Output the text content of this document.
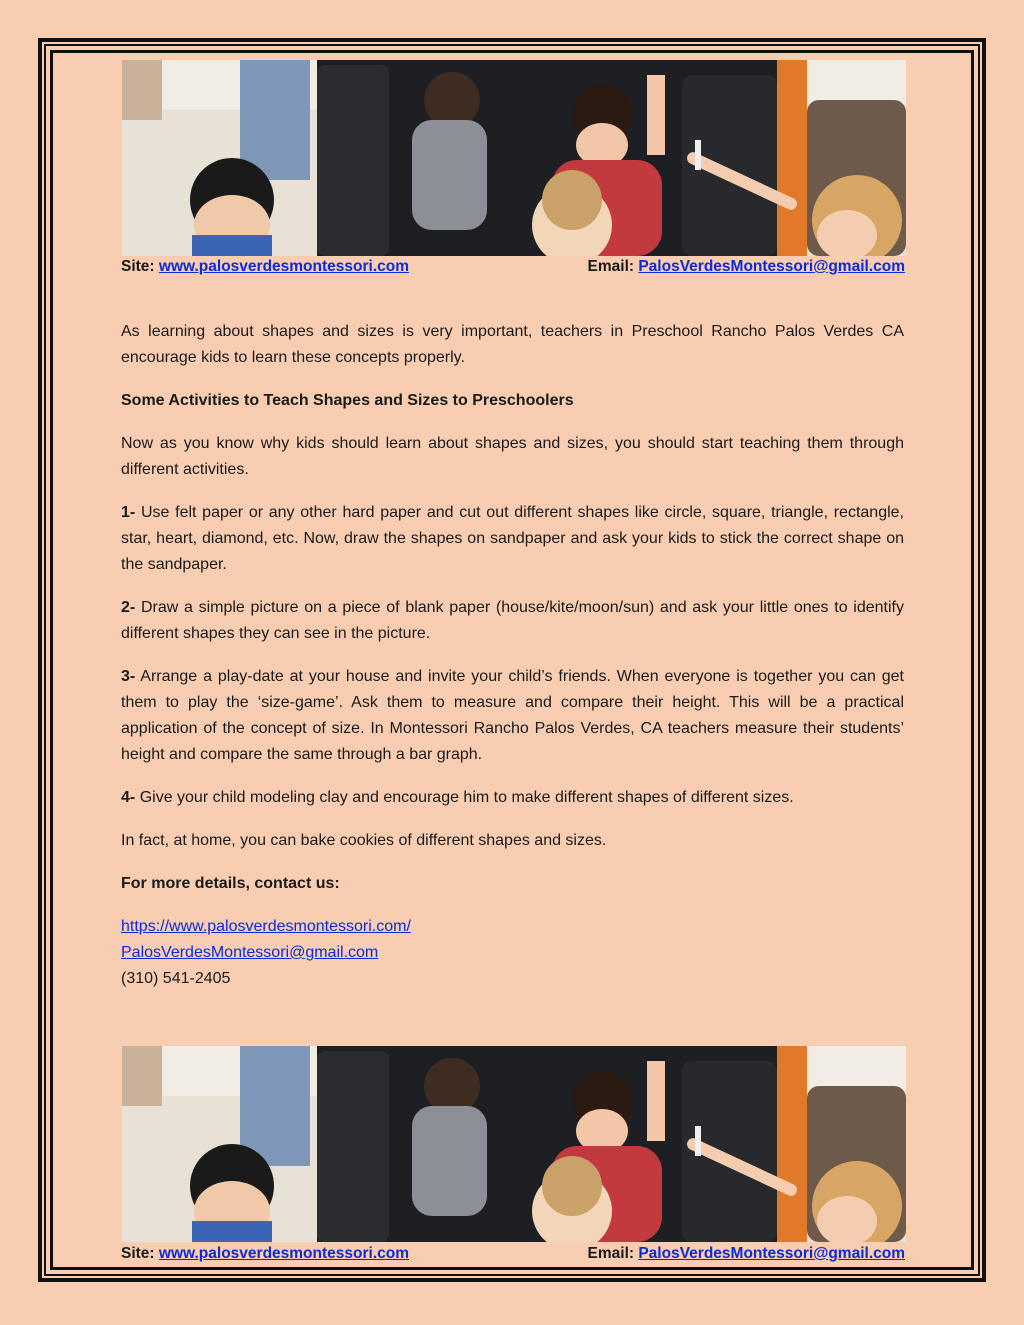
Site: www.palosverdesmontessori.com	Email: PalosVerdesMontessori@gmail.com

As learning about shapes and sizes is very important, teachers in Preschool Rancho Palos Verdes CA encourage kids to learn these concepts properly.

Some Activities to Teach Shapes and Sizes to Preschoolers

Now as you know why kids should learn about shapes and sizes, you should start teaching them through different activities.

1- Use felt paper or any other hard paper and cut out different shapes like circle, square, triangle, rectangle, star, heart, diamond, etc. Now, draw the shapes on sandpaper and ask your kids to stick the correct shape on the sandpaper.

2- Draw a simple picture on a piece of blank paper (house/kite/moon/sun) and ask your little ones to identify different shapes they can see in the picture.

3- Arrange a play-date at your house and invite your child’s friends. When everyone is together you can get them to play the ‘size-game’. Ask them to measure and compare their height. This will be a practical application of the concept of size. In Montessori Rancho Palos Verdes, CA teachers measure their students’ height and compare the same through a bar graph.

4- Give your child modeling clay and encourage him to make different shapes of different sizes.

In fact, at home, you can bake cookies of different shapes and sizes.

For more details, contact us:

https://www.palosverdesmontessori.com/
PalosVerdesMontessori@gmail.com
(310) 541-2405
Site: www.palosverdesmontessori.com	Email: PalosVerdesMontessori@gmail.com
